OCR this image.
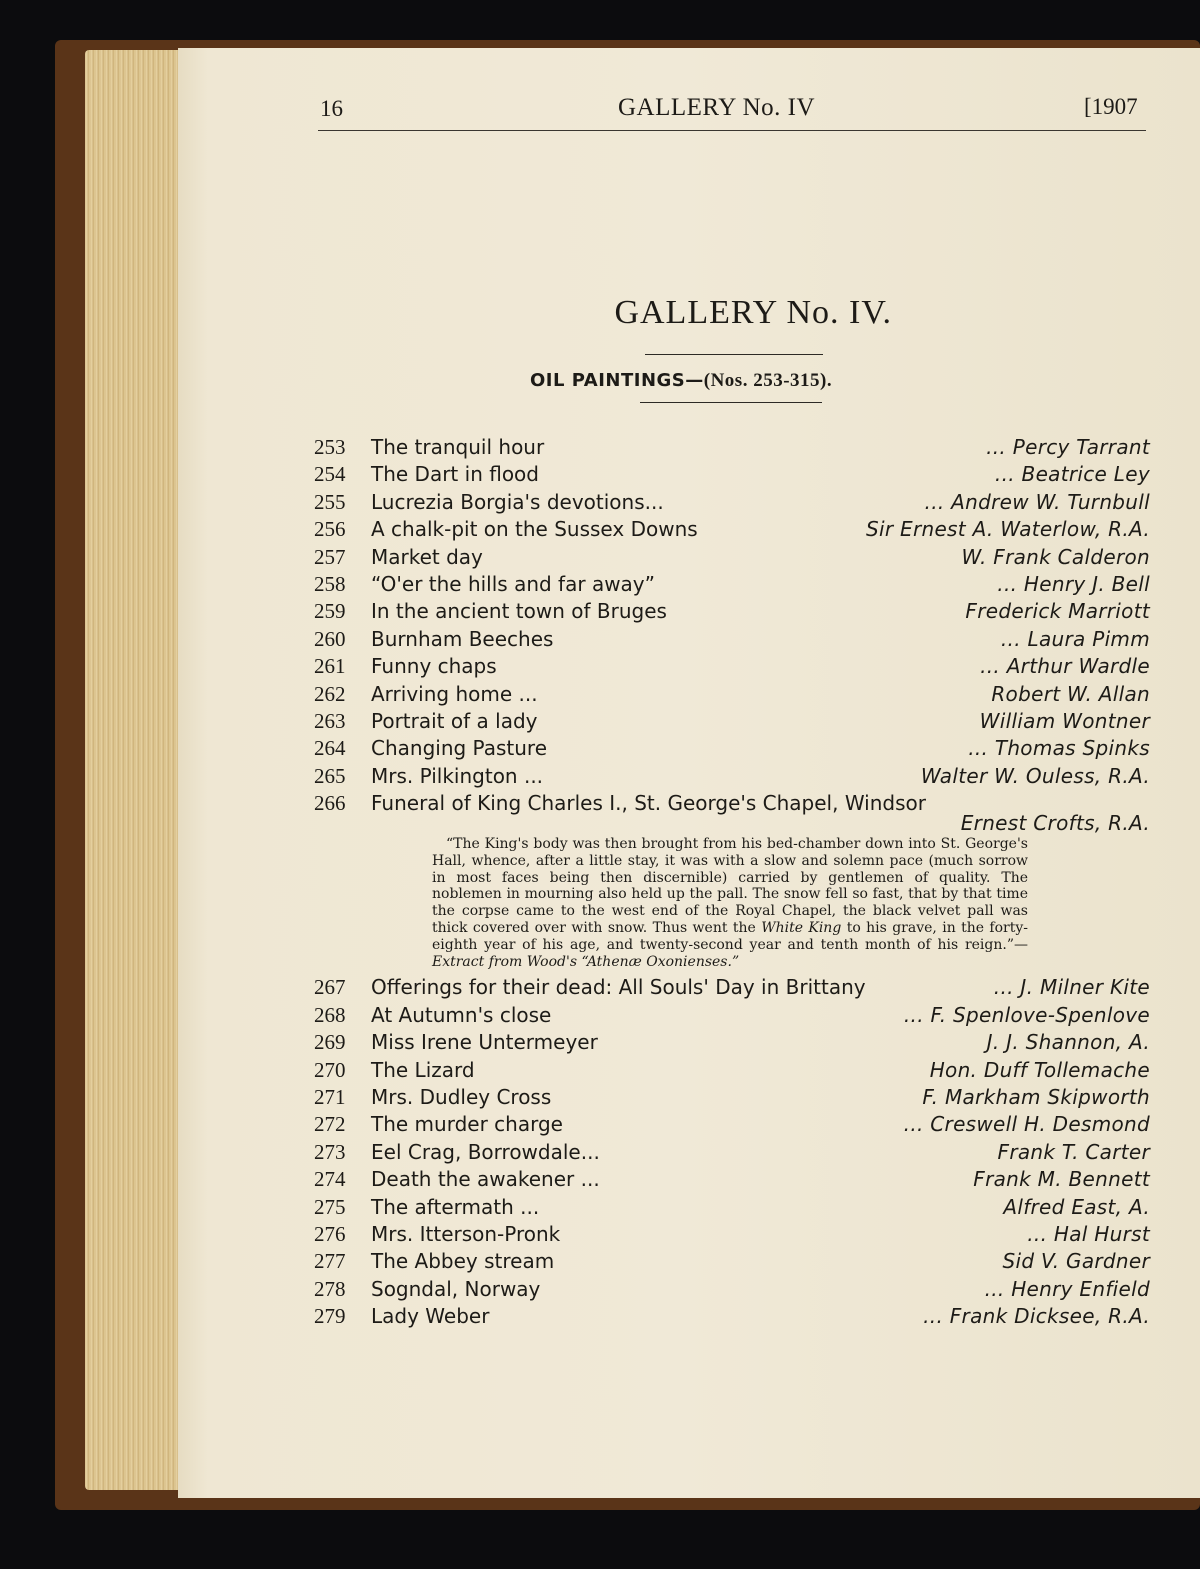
16	GALLERY No. IV	[1907
GALLERY No. IV.
OIL PAINTINGS—(Nos. 253-315).
253	The tranquil hour	... Percy Tarrant
254	The Dart in flood	... Beatrice Ley
255	Lucrezia Borgia's devotions...	... Andrew W. Turnbull
256	A chalk-pit on the Sussex Downs	Sir Ernest A. Waterlow, R.A.
257	Market day	W. Frank Calderon
258	“O'er the hills and far away”	... Henry J. Bell
259	In the ancient town of Bruges	Frederick Marriott
260	Burnham Beeches	... Laura Pimm
261	Funny chaps	... Arthur Wardle
262	Arriving home ...	Robert W. Allan
263	Portrait of a lady	William Wontner
264	Changing Pasture	... Thomas Spinks
265	Mrs. Pilkington ...	Walter W. Ouless, R.A.
266	Funeral of King Charles I., St. George's Chapel, Windsor
Ernest Crofts, R.A.
“The King's body was then brought from his bed-chamber down into St. George's Hall, whence, after a little stay, it was with a slow and solemn pace (much sorrow in most faces being then discernible) carried by gentlemen of quality. The noblemen in mourning also held up the pall. The snow fell so fast, that by that time the corpse came to the west end of the Royal Chapel, the black velvet pall was thick covered over with snow. Thus went the White King to his grave, in the forty-eighth year of his age, and twenty-second year and tenth month of his reign.”—Extract from Wood's “Athenæ Oxonienses.”
267	Offerings for their dead: All Souls' Day in Brittany	... J. Milner Kite
268	At Autumn's close	... F. Spenlove-Spenlove
269	Miss Irene Untermeyer	J. J. Shannon, A.
270	The Lizard	Hon. Duff Tollemache
271	Mrs. Dudley Cross	F. Markham Skipworth
272	The murder charge	... Creswell H. Desmond
273	Eel Crag, Borrowdale...	Frank T. Carter
274	Death the awakener ...	Frank M. Bennett
275	The aftermath ...	Alfred East, A.
276	Mrs. Itterson-Pronk	... Hal Hurst
277	The Abbey stream	Sid V. Gardner
278	Sogndal, Norway	... Henry Enfield
279	Lady Weber	... Frank Dicksee, R.A.
